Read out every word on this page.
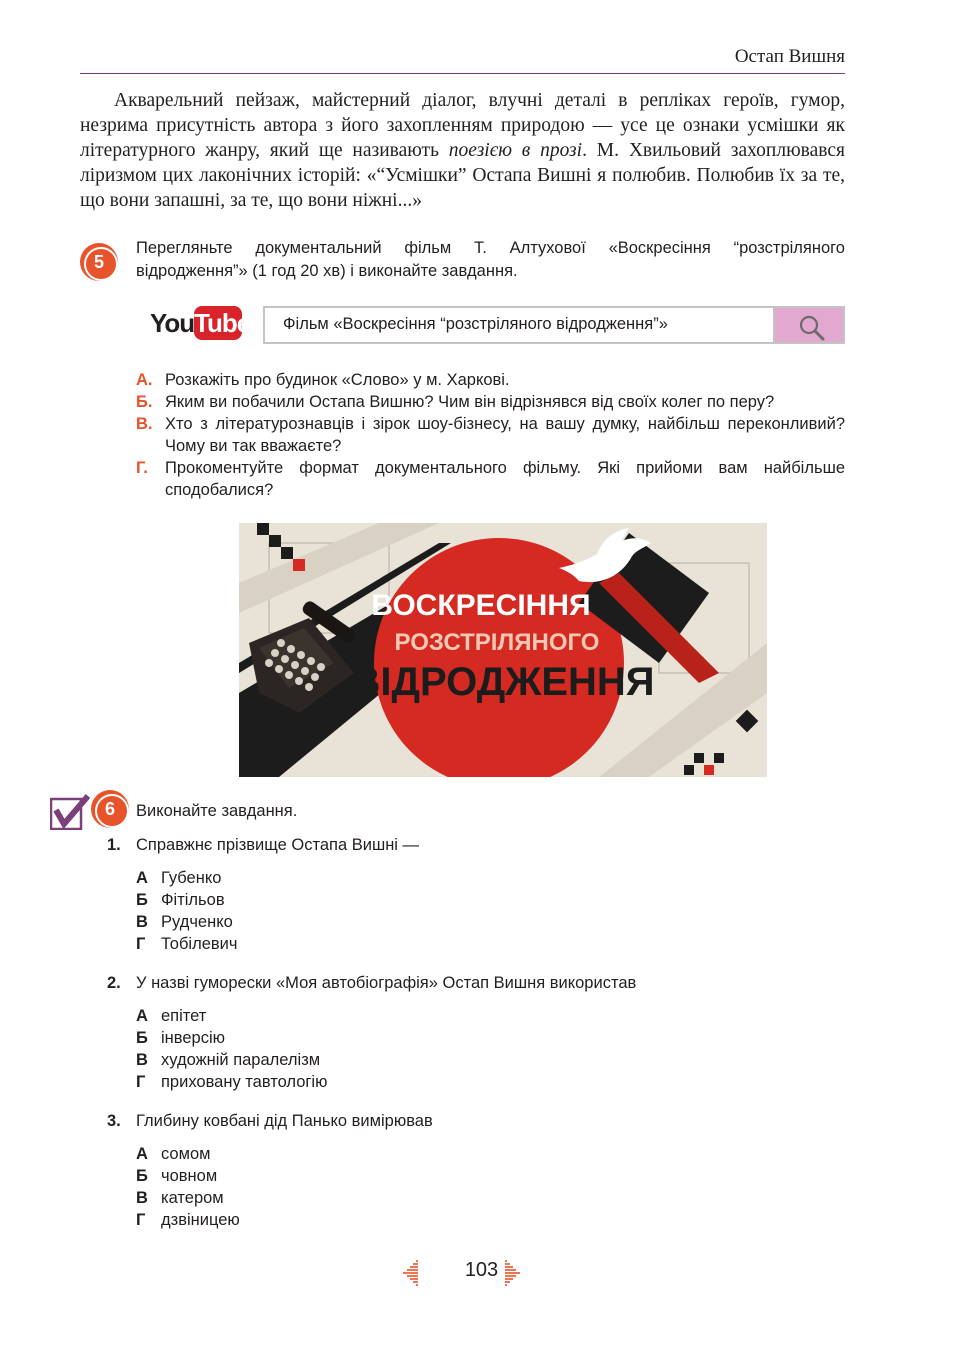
Остап Вишня

Акварельний пейзаж, майстерний діалог, влучні деталі в репліках героїв, гумор, незрима присутність автора з його захопленням природою — усе це ознаки усмішки як літературного жанру, який ще називають поезією в прозі. М. Хвильовий захоплювався ліризмом цих лаконічних історій: «“Усмішки” Остапа Вишні я полюбив. Полюбив їх за те, що вони запашні, за те, що вони ніжні...»

5

Перегляньте документальний фільм Т. Алтухової «Воскресіння “розстріляного відродження”» (1 год 20 хв) і виконайте завдання.

You Tube Фільм «Воскресіння “розстріляного відродження”»
А. Розкажіть про будинок «Слово» у м. Харкові.
Б. Яким ви побачили Остапа Вишню? Чим він відрізнявся від своїх колег по перу?
В. Хто з літературознавців і зірок шоу-бізнесу, на вашу думку, найбільш переконливий? Чому ви так вважаєте?
Г. Прокоментуйте формат документального фільму. Які прийоми вам найбільше сподобалися?
ВОСКРЕСІННЯ
РОЗСТРІЛЯНОГО
ВІДРОДЖЕННЯ
6	Виконайте завдання.

1. Справжнє прізвище Остапа Вишні —
А Губенко
Б Фітільов
В Рудченко
Г Тобілевич
2. У назві гуморески «Моя автобіографія» Остап Вишня використав
А епітет
Б інверсію
В художній паралелізм
Г приховану тавтологію
3. Глибину ковбані дід Панько вимірював
А сомом
Б човном
В катером
Г дзвіницею
103
